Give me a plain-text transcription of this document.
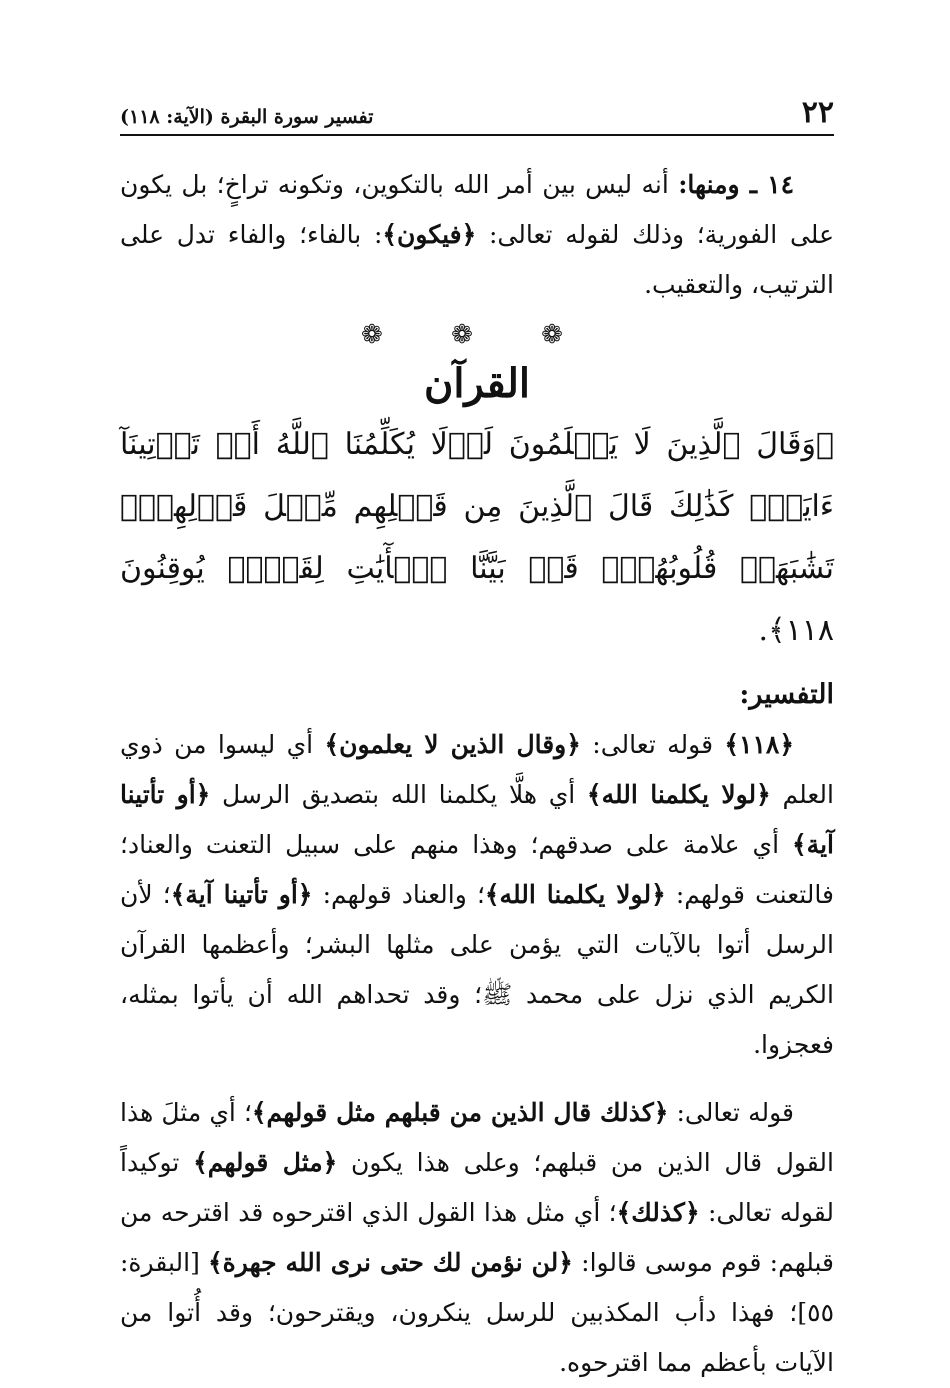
٢٢
تفسير سورة البقرة (الآية: ١١٨)

١٤ ـ ومنها: أنه ليس بين أمر الله بالتكوين، وتكونه تراخٍ؛ بل يكون على الفورية؛ وذلك لقوله تعالى: ﴿فيكون﴾: بالفاء؛ والفاء تدل على الترتيب، والتعقيب.

❁ ❁ ❁
القرآن

﴿وَقَالَ ٱلَّذِينَ لَا يَعۡلَمُونَ لَوۡلَا يُكَلِّمُنَا ٱللَّهُ أَوۡ تَأۡتِينَآ ءَايَةٞۗ كَذَٰلِكَ قَالَ ٱلَّذِينَ مِن قَبۡلِهِم مِّثۡلَ قَوۡلِهِمۡۘ تَشَٰبَهَتۡ قُلُوبُهُمۡۗ قَدۡ بَيَّنَّا ٱلۡأٓيَٰتِ لِقَوۡمٖ يُوقِنُونَ ١١٨﴾.

التفسير:

﴿١١٨﴾ قوله تعالى: ﴿وقال الذين لا يعلمون﴾ أي ليسوا من ذوي العلم ﴿لولا يكلمنا الله﴾ أي هلَّا يكلمنا الله بتصديق الرسل ﴿أو تأتينا آية﴾ أي علامة على صدقهم؛ وهذا منهم على سبيل التعنت والعناد؛ فالتعنت قولهم: ﴿لولا يكلمنا الله﴾؛ والعناد قولهم: ﴿أو تأتينا آية﴾؛ لأن الرسل أتوا بالآيات التي يؤمن على مثلها البشر؛ وأعظمها القرآن الكريم الذي نزل على محمد ﷺ؛ وقد تحداهم الله أن يأتوا بمثله، فعجزوا.

قوله تعالى: ﴿كذلك قال الذين من قبلهم مثل قولهم﴾؛ أي مثلَ هذا القول قال الذين من قبلهم؛ وعلى هذا يكون ﴿مثل قولهم﴾ توكيداً لقوله تعالى: ﴿كذلك﴾؛ أي مثل هذا القول الذي اقترحوه قد اقترحه من قبلهم: قوم موسى قالوا: ﴿لن نؤمن لك حتى نرى الله جهرة﴾ [البقرة: ٥٥]؛ فهذا دأب المكذبين للرسل ينكرون، ويقترحون؛ وقد أُتوا من الآيات بأعظم مما اقترحوه.
